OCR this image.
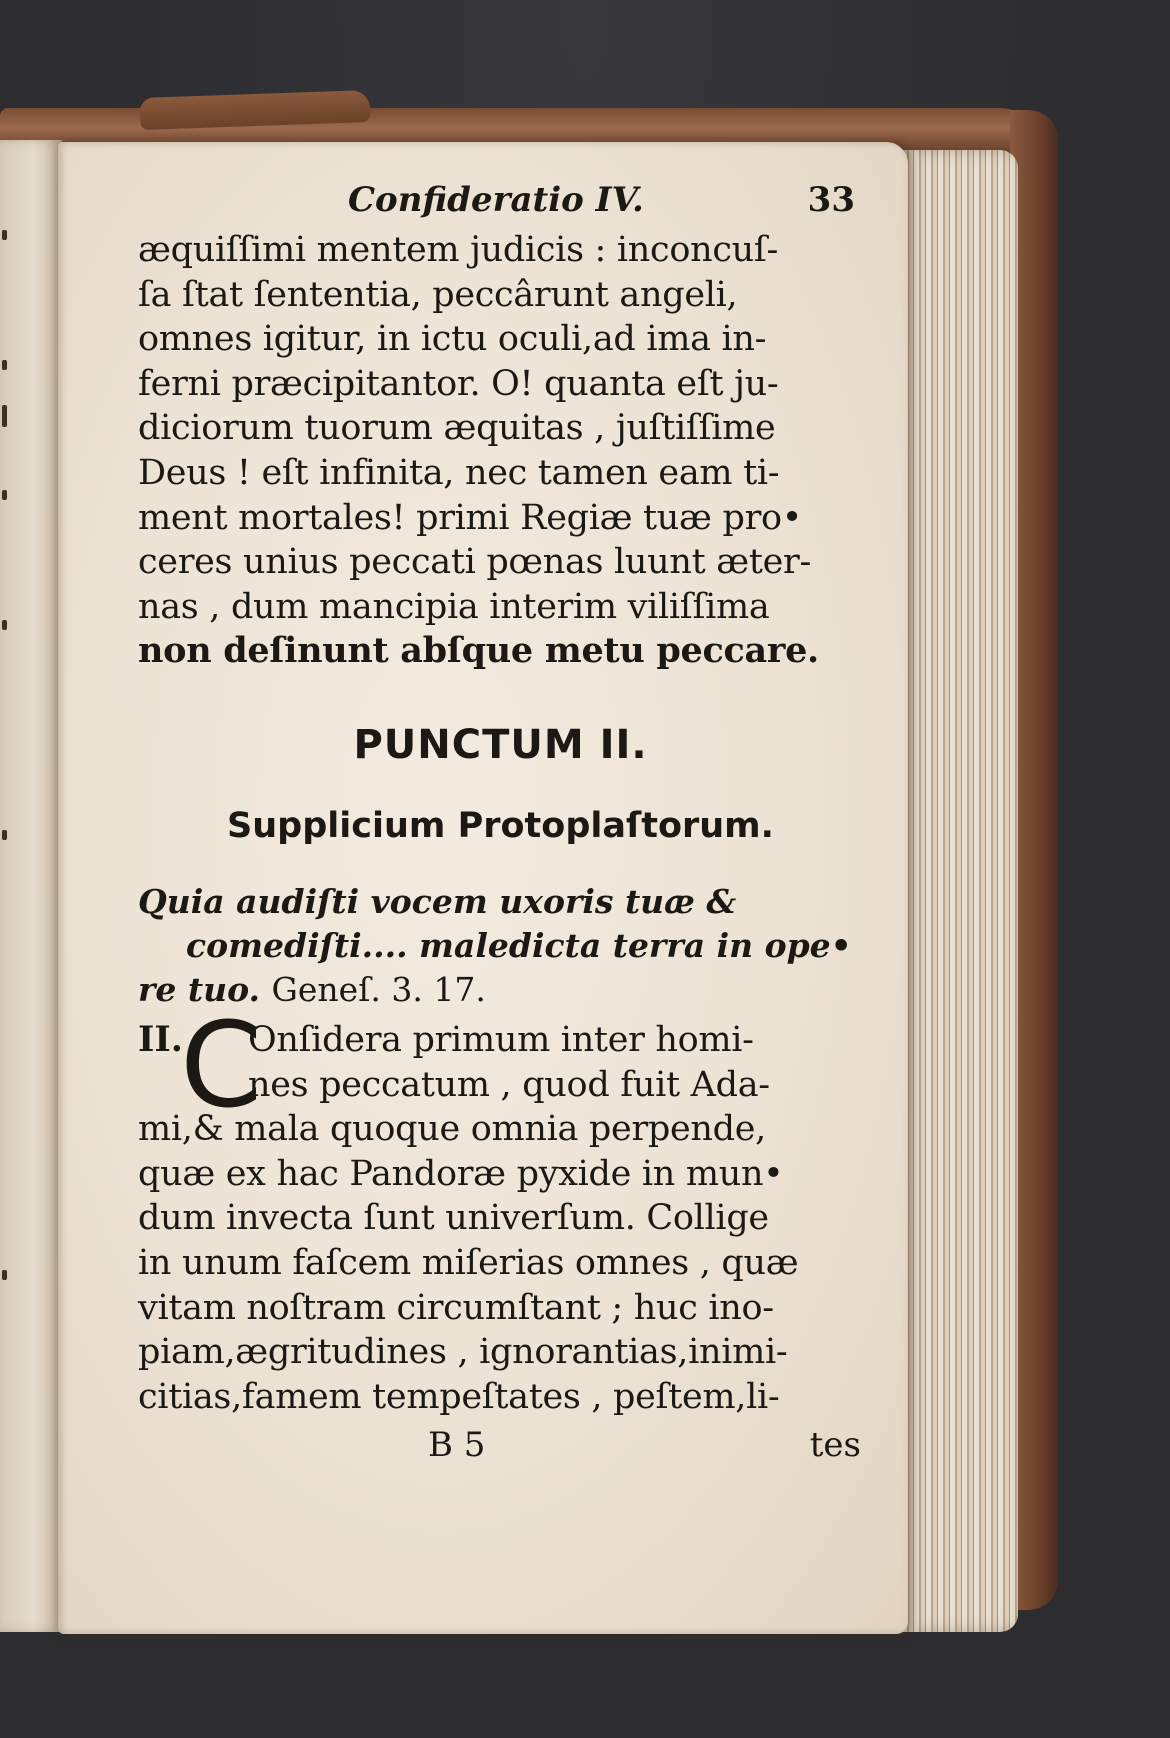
Confideratio IV.	33
æquiſſimi mentem judicis : inconcuſ-
ſa ſtat ſententia, peccârunt angeli,
omnes igitur, in ictu oculi,ad ima in-
ferni præcipitantor. O! quanta eſt ju-
diciorum tuorum æquitas , juſtiſſime
Deus ! eſt infinita, nec tamen eam ti-
ment mortales! primi Regiæ tuæ pro•
ceres unius peccati pœnas luunt æter-
nas , dum mancipia interim viliſſima
non deſinunt abſque metu peccare.
PUNCTUM II.
Supplicium Protoplaſtorum.
Quia audiſti vocem uxoris tuæ &
comediſti.... maledicta terra in ope•
re tuo. Geneſ. 3. 17.
II.
C
Onſidera primum inter homi-
nes peccatum , quod fuit Ada-
mi,& mala quoque omnia perpende,
quæ ex hac Pandoræ pyxide in mun•
dum invecta ſunt univerſum. Collige
in unum faſcem miſerias omnes , quæ
vitam noſtram circumſtant ; huc ino-
piam,ægritudines , ignorantias,inimi-
citias,famem tempeſtates , peſtem,li-
B 5	tes
